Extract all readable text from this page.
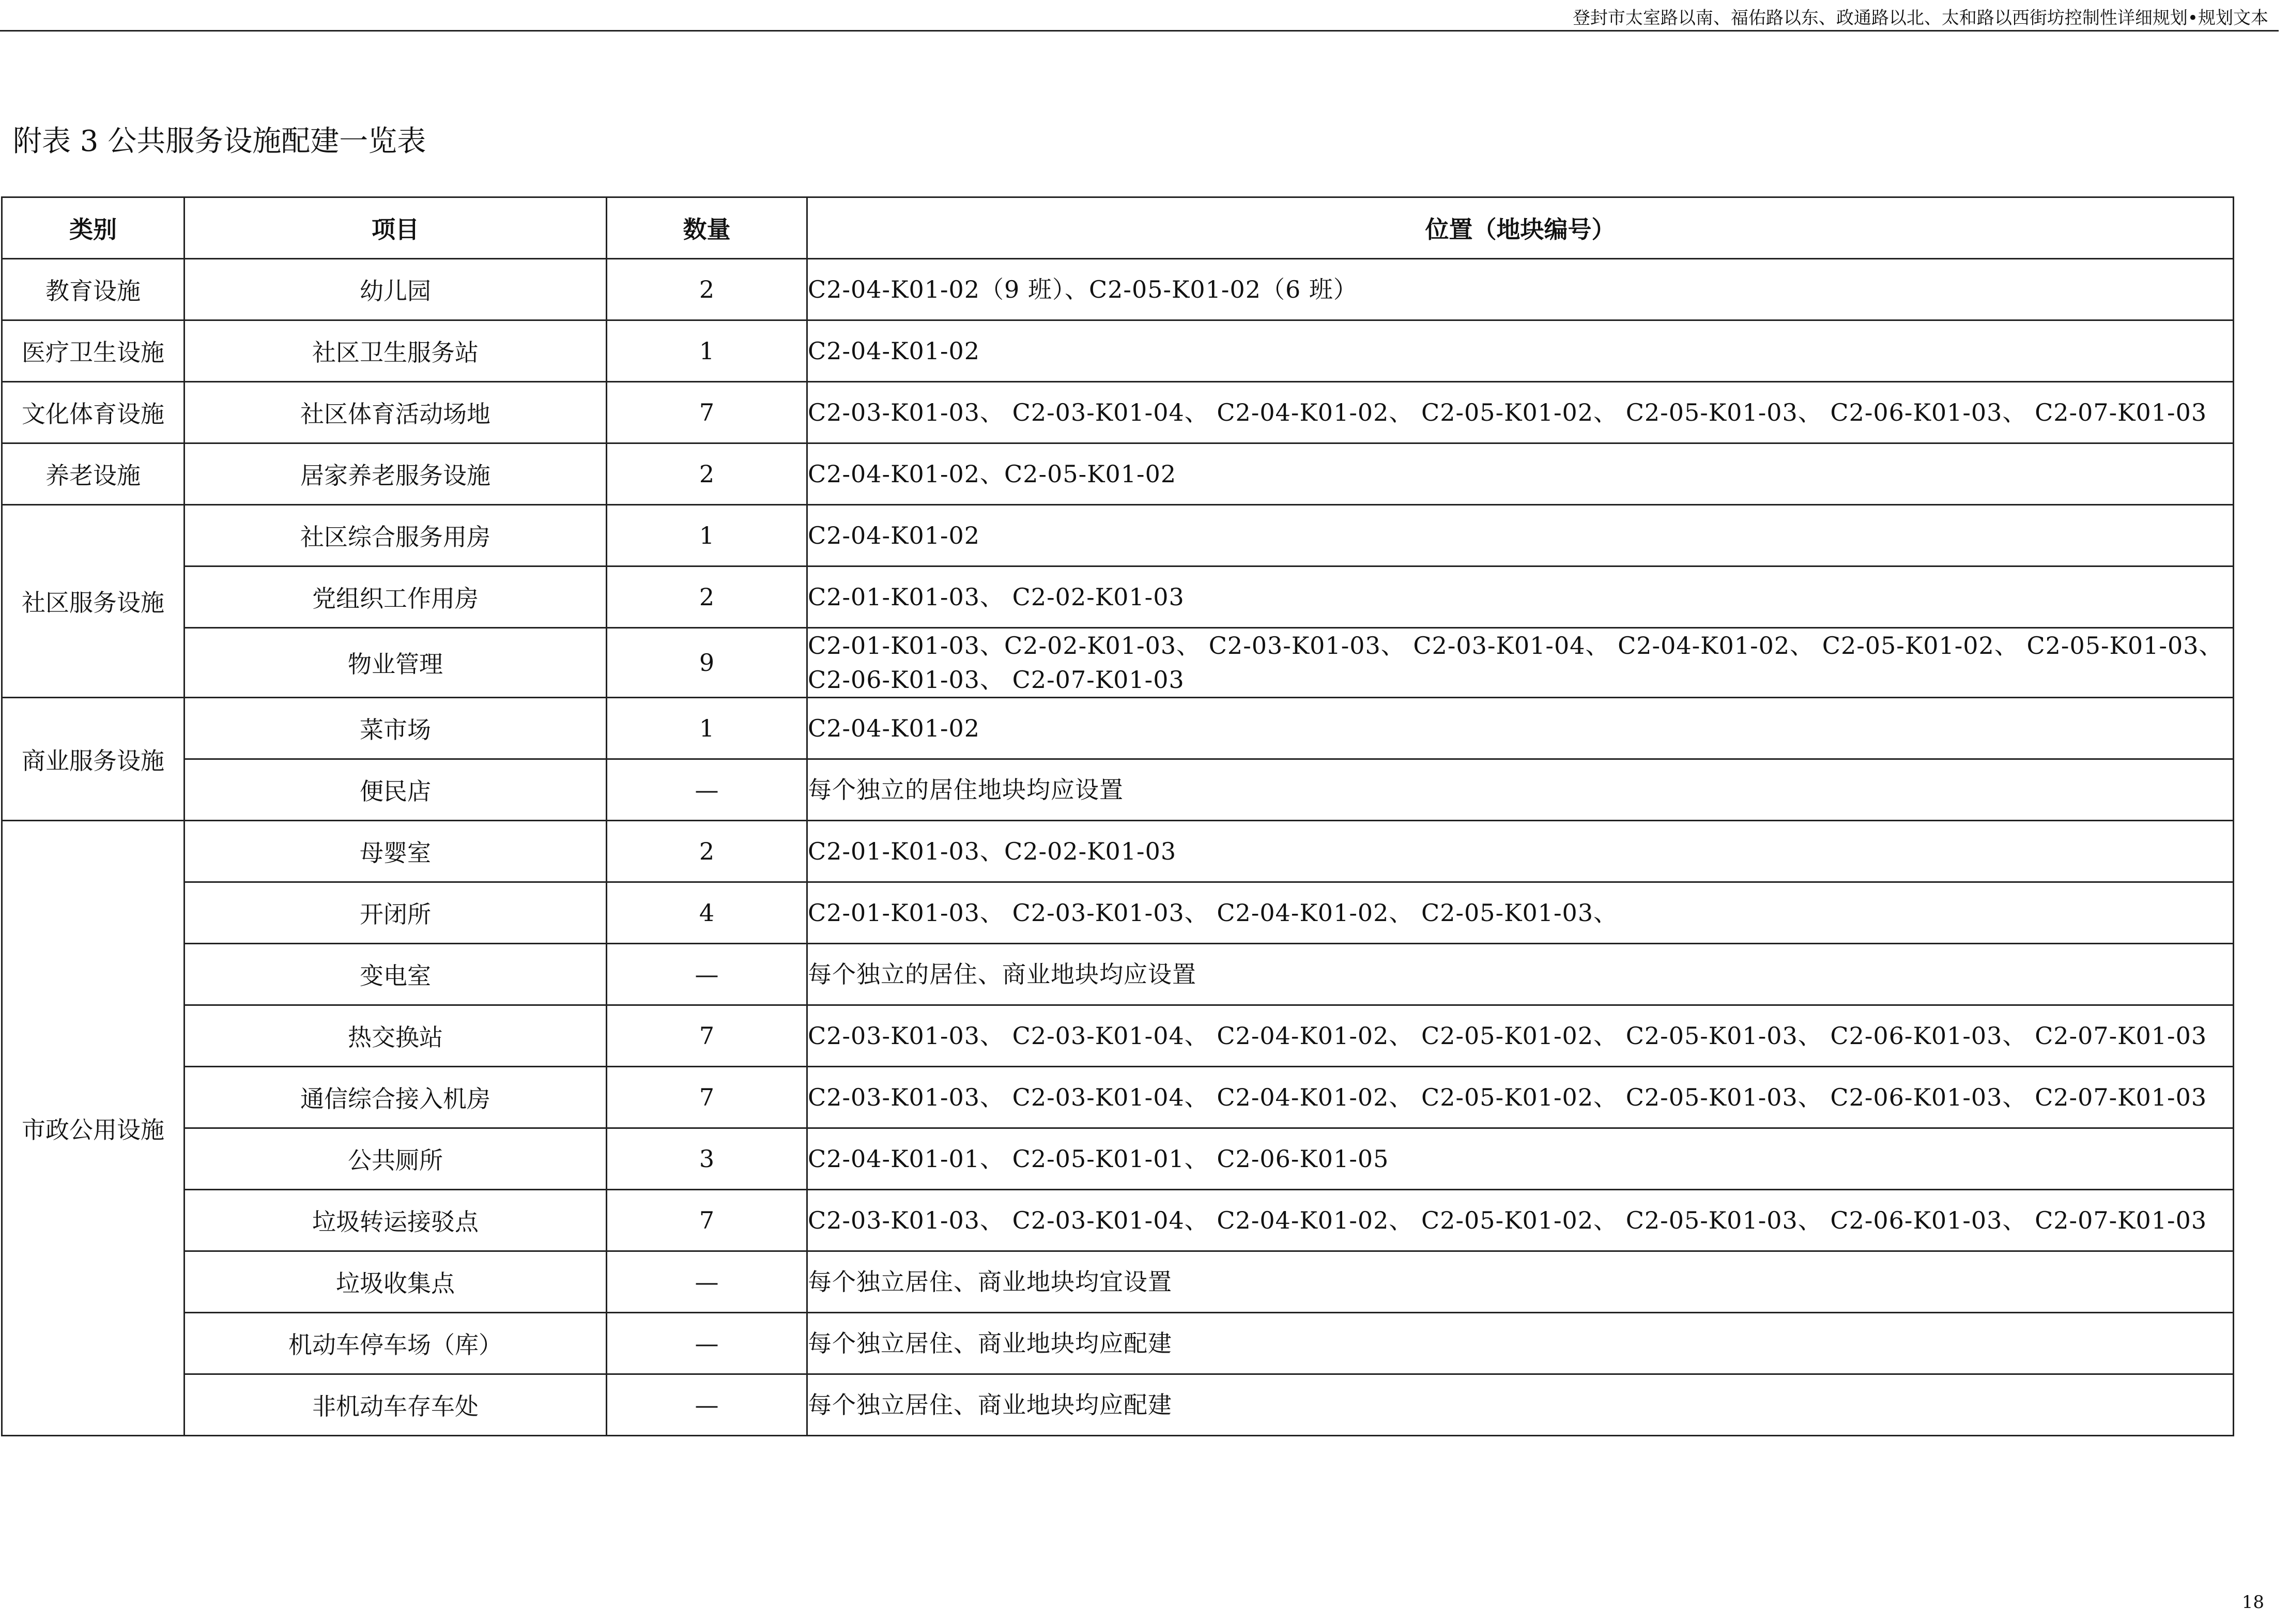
登封市太室路以南、福佑路以东、政通路以北、太和路以西街坊控制性详细规划•规划文本
附表 3 公共服务设施配建一览表
类别	项目	数量	位置（地块编号）
教育设施	幼儿园	2	C2-04-K01-02（9 班）、C2-05-K01-02（6 班）
医疗卫生设施	社区卫生服务站	1	C2-04-K01-02
文化体育设施	社区体育活动场地	7	C2-03-K01-03、 C2-03-K01-04、 C2-04-K01-02、 C2-05-K01-02、 C2-05-K01-03、 C2-06-K01-03、 C2-07-K01-03
养老设施	居家养老服务设施	2	C2-04-K01-02、C2-05-K01-02
社区服务设施	社区综合服务用房	1	C2-04-K01-02
	党组织工作用房	2	C2-01-K01-03、 C2-02-K01-03
	物业管理	9	C2-01-K01-03、C2-02-K01-03、 C2-03-K01-03、 C2-03-K01-04、 C2-04-K01-02、 C2-05-K01-02、 C2-05-K01-03、 C2-06-K01-03、 C2-07-K01-03
商业服务设施	菜市场	1	C2-04-K01-02
	便民店	—	每个独立的居住地块均应设置
市政公用设施	母婴室	2	C2-01-K01-03、C2-02-K01-03
	开闭所	4	C2-01-K01-03、 C2-03-K01-03、 C2-04-K01-02、 C2-05-K01-03、
	变电室	—	每个独立的居住、商业地块均应设置
	热交换站	7	C2-03-K01-03、 C2-03-K01-04、 C2-04-K01-02、 C2-05-K01-02、 C2-05-K01-03、 C2-06-K01-03、 C2-07-K01-03
	通信综合接入机房	7	C2-03-K01-03、 C2-03-K01-04、 C2-04-K01-02、 C2-05-K01-02、 C2-05-K01-03、 C2-06-K01-03、 C2-07-K01-03
	公共厕所	3	C2-04-K01-01、 C2-05-K01-01、 C2-06-K01-05
	垃圾转运接驳点	7	C2-03-K01-03、 C2-03-K01-04、 C2-04-K01-02、 C2-05-K01-02、 C2-05-K01-03、 C2-06-K01-03、 C2-07-K01-03
	垃圾收集点	—	每个独立居住、商业地块均宜设置
	机动车停车场（库）	—	每个独立居住、商业地块均应配建
	非机动车存车处	—	每个独立居住、商业地块均应配建
18
